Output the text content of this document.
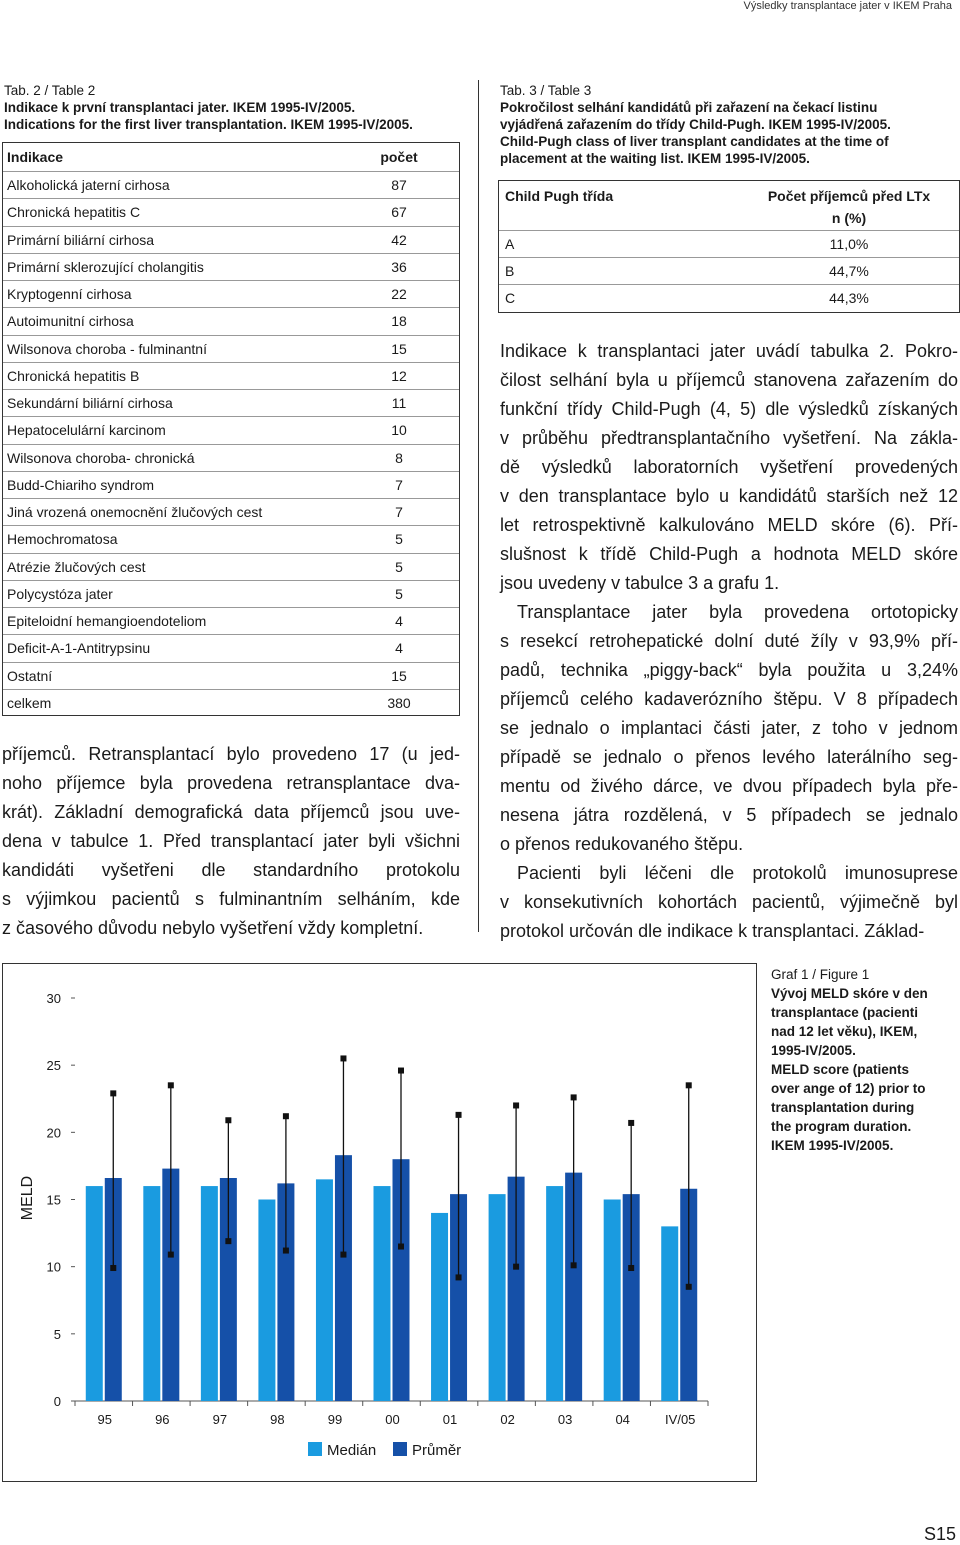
Výsledky transplantace jater v IKEM Praha
Tab. 2 / Table 2
Indikace k první transplantaci jater. IKEM 1995-IV/2005.
Indications for the first liver transplantation. IKEM 1995-IV/2005.
Indikace	počet
Alkoholická jaterní cirhosa	87
Chronická hepatitis C	67
Primární biliární cirhosa	42
Primární sklerozující cholangitis	36
Kryptogenní cirhosa	22
Autoimunitní cirhosa	18
Wilsonova choroba - fulminantní	15
Chronická hepatitis B	12
Sekundární biliární cirhosa	11
Hepatocelulární karcinom	10
Wilsonova choroba- chronická	8
Budd-Chiariho syndrom	7
Jiná vrozená onemocnění žlučových cest	7
Hemochromatosa	5
Atrézie žlučových cest	5
Polycystóza jater	5
Epiteloidní hemangioendoteliom	4
Deficit-A-1-Antitrypsinu	4
Ostatní	15
celkem	380
příjemců. Retransplantací bylo provedeno 17 (u jed-
noho příjemce byla provedena retransplantace dva-
krát). Základní demografická data příjemců jsou uve-
dena v tabulce 1. Před transplantací jater byli všichni
kandidáti vyšetřeni dle standardního protokolu
s výjimkou pacientů s fulminantním selháním, kde
z časového důvodu nebylo vyšetření vždy kompletní.
Tab. 3 / Table 3
Pokročilost selhání kandidátů při zařazení na čekací listinu
vyjádřená zařazením do třídy Child-Pugh. IKEM 1995-IV/2005.
Child-Pugh class of liver transplant candidates at the time of
placement at the waiting list. IKEM 1995-IV/2005.
Child Pugh třída	Počet příjemců před LTx
n (%)
A	11,0%
B	44,7%
C	44,3%
Indikace k transplantaci jater uvádí tabulka 2. Pokro-
čilost selhání byla u příjemců stanovena zařazením do
funkční třídy Child-Pugh (4, 5) dle výsledků získaných
v průběhu předtransplantačního vyšetření. Na zákla-
dě výsledků laboratorních vyšetření provedených
v den transplantace bylo u kandidátů starších než 12
let retrospektivně kalkulováno MELD skóre (6). Pří-
slušnost k třídě Child-Pugh a hodnota MELD skóre
jsou uvedeny v tabulce 3 a grafu 1.
Transplantace jater byla provedena ortotopicky
s resekcí retrohepatické dolní duté žíly v 93,9% pří-
padů, technika „piggy-back“ byla použita u 3,24%
příjemců celého kadaverózního štěpu. V 8 případech
se jednalo o implantaci části jater, z toho v jednom
případě se jednalo o přenos levého laterálního seg-
mentu od živého dárce, ve dvou případech byla pře-
nesena játra rozdělená, v 5 případech se jednalo
o přenos redukovaného štěpu.
Pacienti byli léčeni dle protokolů imunosuprese
v konsekutivních kohortách pacientů, výjimečně byl
protokol určován dle indikace k transplantaci. Základ-
0
5
10
15
20
25
30
95	96	97	98	99	00	01	02	03	04	IV/05
Medián Průměr
MELD
Graf 1 / Figure 1
Vývoj MELD skóre v den
transplantace (pacienti
nad 12 let věku), IKEM,
1995-IV/2005.
MELD score (patients
over ange of 12) prior to
transplantation during
the program duration.
IKEM 1995-IV/2005.
S15
